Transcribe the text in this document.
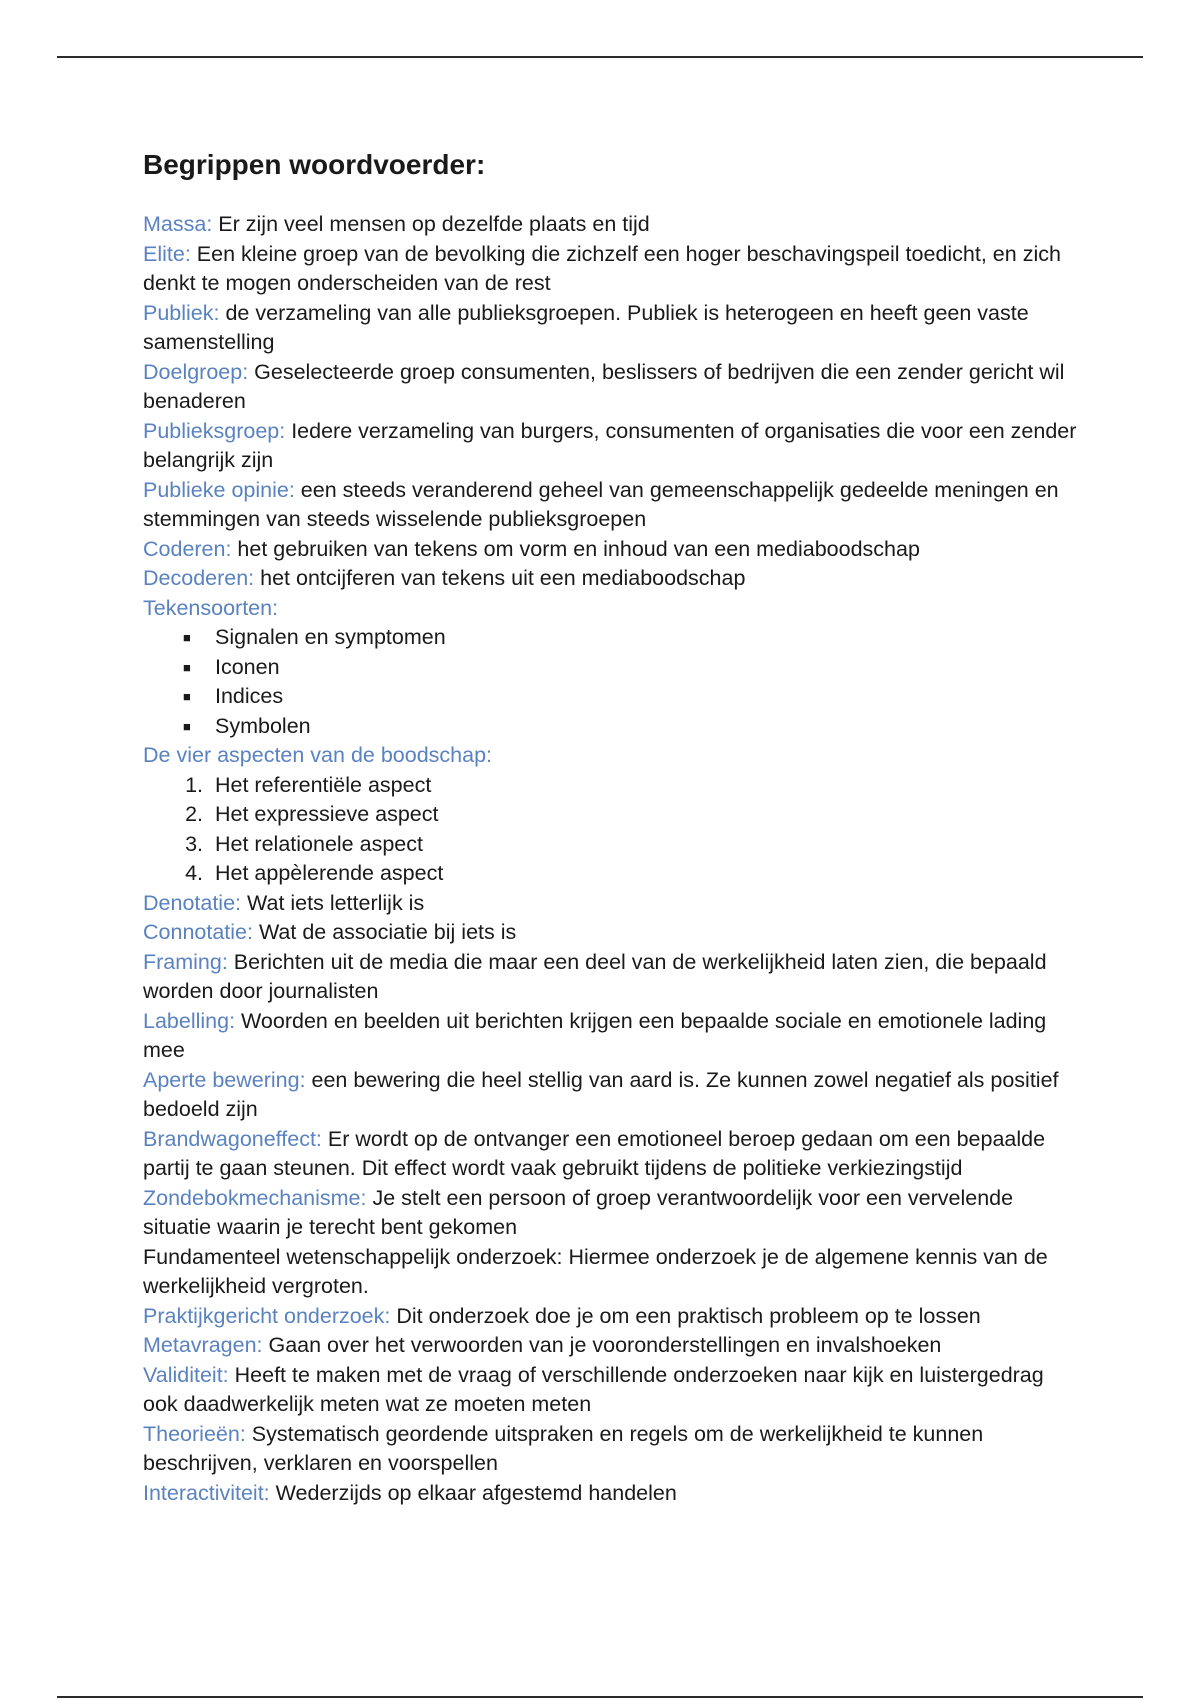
Begrippen woordvoerder:

Massa: Er zijn veel mensen op dezelfde plaats en tijd

Elite: Een kleine groep van de bevolking die zichzelf een hoger beschavingspeil toedicht, en zich denkt te mogen onderscheiden van de rest

Publiek: de verzameling van alle publieksgroepen. Publiek is heterogeen en heeft geen vaste samenstelling

Doelgroep: Geselecteerde groep consumenten, beslissers of bedrijven die een zender gericht wil benaderen

Publieksgroep: Iedere verzameling van burgers, consumenten of organisaties die voor een zender belangrijk zijn

Publieke opinie: een steeds veranderend geheel van gemeenschappelijk gedeelde meningen en stemmingen van steeds wisselende publieksgroepen

Coderen: het gebruiken van tekens om vorm en inhoud van een mediaboodschap

Decoderen: het ontcijferen van tekens uit een mediaboodschap

Tekensoorten:

■ Signalen en symptomen
■ Iconen
■ Indices
■ Symbolen

De vier aspecten van de boodschap:

1. Het referentiële aspect
2. Het expressieve aspect
3. Het relationele aspect
4. Het appèlerende aspect

Denotatie: Wat iets letterlijk is

Connotatie: Wat de associatie bij iets is

Framing: Berichten uit de media die maar een deel van de werkelijkheid laten zien, die bepaald worden door journalisten

Labelling: Woorden en beelden uit berichten krijgen een bepaalde sociale en emotionele lading mee

Aperte bewering: een bewering die heel stellig van aard is. Ze kunnen zowel negatief als positief bedoeld zijn

Brandwagoneffect: Er wordt op de ontvanger een emotioneel beroep gedaan om een bepaalde partij te gaan steunen. Dit effect wordt vaak gebruikt tijdens de politieke verkiezingstijd

Zondebokmechanisme: Je stelt een persoon of groep verantwoordelijk voor een vervelende situatie waarin je terecht bent gekomen

Fundamenteel wetenschappelijk onderzoek: Hiermee onderzoek je de algemene kennis van de werkelijkheid vergroten.

Praktijkgericht onderzoek: Dit onderzoek doe je om een praktisch probleem op te lossen

Metavragen: Gaan over het verwoorden van je vooronderstellingen en invalshoeken

Validiteit: Heeft te maken met de vraag of verschillende onderzoeken naar kijk en luistergedrag ook daadwerkelijk meten wat ze moeten meten

Theorieën: Systematisch geordende uitspraken en regels om de werkelijkheid te kunnen beschrijven, verklaren en voorspellen

Interactiviteit: Wederzijds op elkaar afgestemd handelen
